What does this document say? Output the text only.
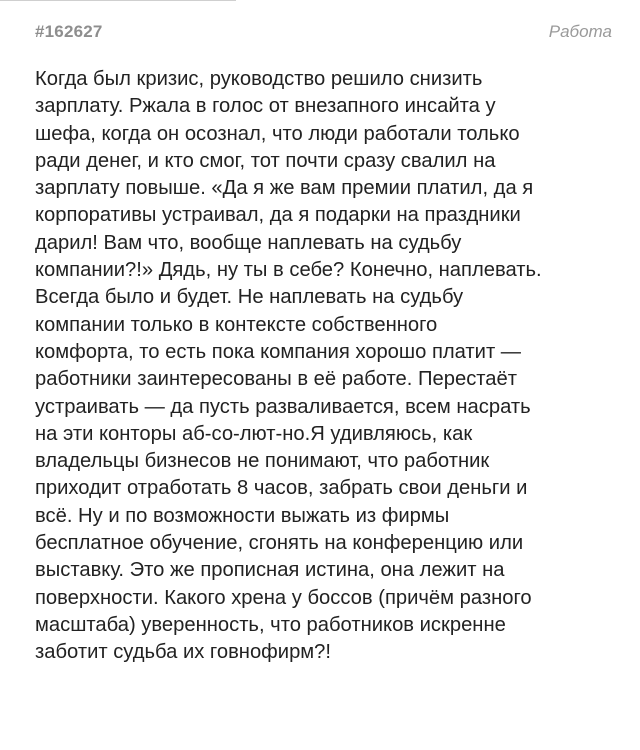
#162627	Работа
Когда был кризис, руководство решило снизить
зарплату. Ржала в голос от внезапного инсайта у
шефа, когда он осознал, что люди работали только
ради денег, и кто смог, тот почти сразу свалил на
зарплату повыше. «Да я же вам премии платил, да я
корпоративы устраивал, да я подарки на праздники
дарил! Вам что, вообще наплевать на судьбу
компании?!» Дядь, ну ты в себе? Конечно, наплевать.
Всегда было и будет. Не наплевать на судьбу
компании только в контексте собственного
комфорта, то есть пока компания хорошо платит —
работники заинтересованы в её работе. Перестаёт
устраивать — да пусть разваливается, всем насрать
на эти конторы аб-со-лют-но.Я удивляюсь, как
владельцы бизнесов не понимают, что работник
приходит отработать 8 часов, забрать свои деньги и
всё. Ну и по возможности выжать из фирмы
бесплатное обучение, сгонять на конференцию или
выставку. Это же прописная истина, она лежит на
поверхности. Какого хрена у боссов (причём разного
масштаба) уверенность, что работников искренне
заботит судьба их говнофирм?!
